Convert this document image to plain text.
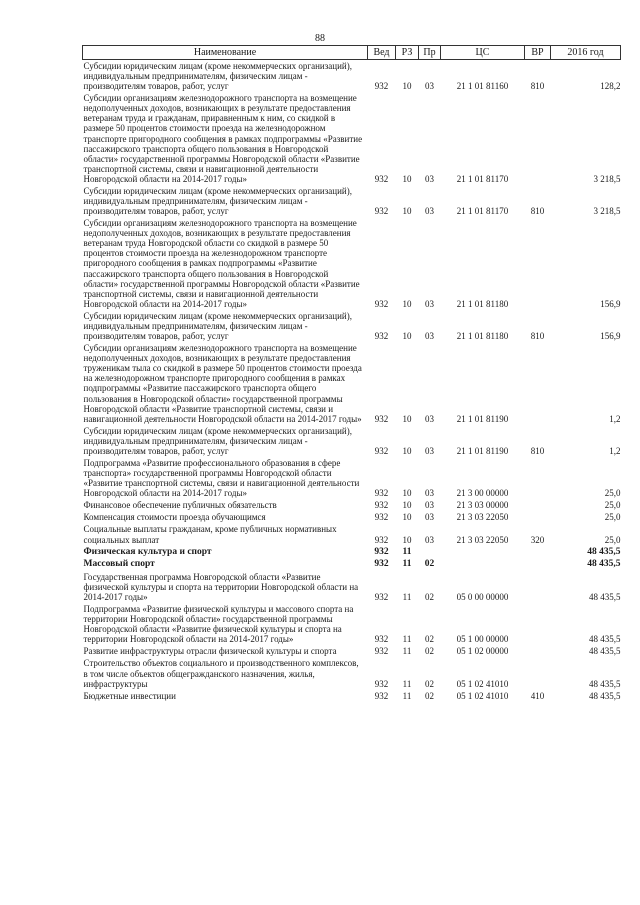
88
Наименование	Вед	РЗ	Пр	ЦС	ВР	2016 год
Субсидии юридическим лицам (кроме некоммерческих организаций), индивидуальным предпринимателям, физическим лицам - производителям товаров, работ, услуг	932	10	03	21 1 01 81160	810	128,2
Субсидии организациям железнодорожного транспорта на возмещение недополученных доходов, возникающих в результате предоставления ветеранам труда и гражданам, приравненным к ним, со скидкой в размере 50 процентов стоимости проезда на железнодорожном транспорте пригородного сообщения в рамках подпрограммы «Развитие пассажирского транспорта общего пользования в Новгородской области» государственной программы Новгородской области «Развитие транспортной системы, связи и навигационной деятельности Новгородской области на 2014-2017 годы»	932	10	03	21 1 01 81170		3 218,5
Субсидии юридическим лицам (кроме некоммерческих организаций), индивидуальным предпринимателям, физическим лицам - производителям товаров, работ, услуг	932	10	03	21 1 01 81170	810	3 218,5
Субсидии организациям железнодорожного транспорта на возмещение недополученных доходов, возникающих в результате предоставления ветеранам труда Новгородской области со скидкой в размере 50 процентов стоимости проезда на железнодорожном транспорте пригородного сообщения в рамках подпрограммы «Развитие пассажирского транспорта общего пользования в Новгородской области» государственной программы Новгородской области «Развитие транспортной системы, связи и навигационной деятельности Новгородской области на 2014-2017 годы»	932	10	03	21 1 01 81180		156,9
Субсидии юридическим лицам (кроме некоммерческих организаций), индивидуальным предпринимателям, физическим лицам - производителям товаров, работ, услуг	932	10	03	21 1 01 81180	810	156,9
Субсидии организациям железнодорожного транспорта на возмещение недополученных доходов, возникающих в результате предоставления труженикам тыла со скидкой в размере 50 процентов стоимости проезда на железнодорожном транспорте пригородного сообщения в рамках подпрограммы «Развитие пассажирского транспорта общего пользования в Новгородской области» государственной программы Новгородской области «Развитие транспортной системы, связи и навигационной деятельности Новгородской области на 2014-2017 годы»	932	10	03	21 1 01 81190		1,2
Субсидии юридическим лицам (кроме некоммерческих организаций), индивидуальным предпринимателям, физическим лицам - производителям товаров, работ, услуг	932	10	03	21 1 01 81190	810	1,2
Подпрограмма «Развитие профессионального образования в сфере транспорта» государственной программы Новгородской области «Развитие транспортной системы, связи и навигационной деятельности Новгородской области на 2014-2017 годы»	932	10	03	21 3 00 00000		25,0
Финансовое обеспечение публичных обязательств	932	10	03	21 3 03 00000		25,0
Компенсация стоимости проезда обучающимся	932	10	03	21 3 03 22050		25,0
Социальные выплаты гражданам, кроме публичных нормативных социальных выплат	932	10	03	21 3 03 22050	320	25,0
Физическая культура и спорт	932	11				48 435,5
Массовый спорт	932	11	02			48 435,5
Государственная программа Новгородской области «Развитие физической культуры и спорта на территории Новгородской области на 2014-2017 годы»	932	11	02	05 0 00 00000		48 435,5
Подпрограмма «Развитие физической культуры и массового спорта на территории Новгородской области» государственной программы Новгородской области «Развитие физической культуры и спорта на территории Новгородской области на 2014-2017 годы»	932	11	02	05 1 00 00000		48 435,5
Развитие инфраструктуры отрасли физической культуры и спорта	932	11	02	05 1 02 00000		48 435,5
Строительство объектов социального и производственного комплексов, в том числе объектов общегражданского назначения, жилья, инфраструктуры	932	11	02	05 1 02 41010		48 435,5
Бюджетные инвестиции	932	11	02	05 1 02 41010	410	48 435,5
